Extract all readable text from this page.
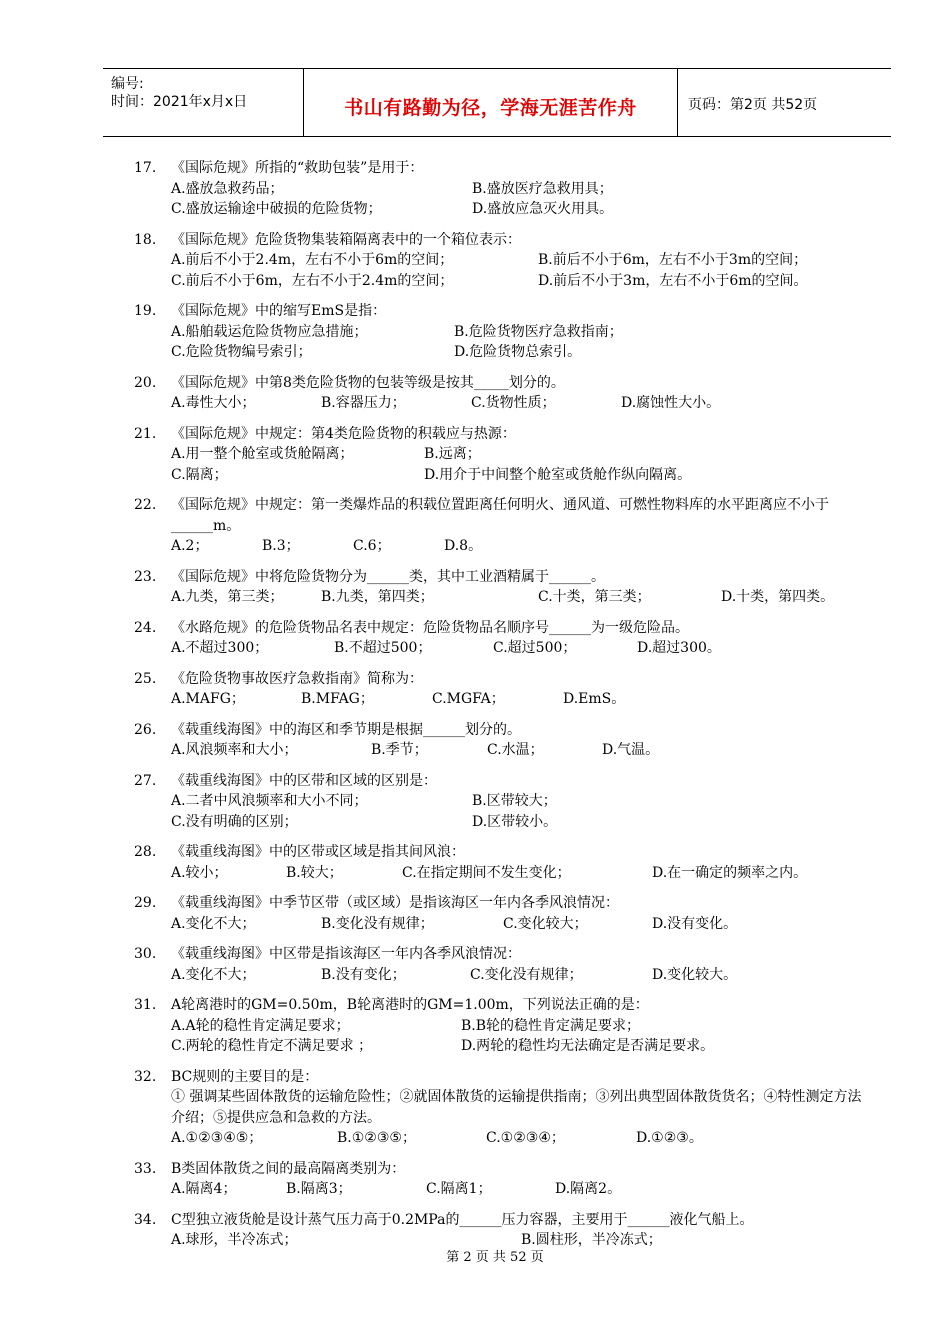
编号:
时间：2021年x月x日	书山有路勤为径，学海无涯苦作舟	页码：第2页 共52页
17.	《国际危规》所指的“救助包装”是用于：
A.盛放急救药品；	B.盛放医疗急救用具；
C.盛放运输途中破损的危险货物；	D.盛放应急灭火用具。
18.	《国际危规》危险货物集装箱隔离表中的一个箱位表示：
A.前后不小于2.4m，左右不小于6m的空间；	B.前后不小于6m，左右不小于3m的空间；
C.前后不小于6m，左右不小于2.4m的空间；	D.前后不小于3m，左右不小于6m的空间。
19.	《国际危规》中的缩写EmS是指：
A.船舶载运危险货物应急措施；	B.危险货物医疗急救指南；
C.危险货物编号索引；	D.危险货物总索引。
20.	《国际危规》中第8类危险货物的包装等级是按其_____划分的。
A.毒性大小；	B.容器压力；	C.货物性质；	D.腐蚀性大小。
21.	《国际危规》中规定：第4类危险货物的积载应与热源：
A.用一整个舱室或货舱隔离；	B.远离；
C.隔离；	D.用介于中间整个舱室或货舱作纵向隔离。
22.	《国际危规》中规定：第一类爆炸品的积载位置距离任何明火、通风道、可燃性物料库的水平距离应不小于______m。
A.2；	B.3；	C.6；	D.8。
23.	《国际危规》中将危险货物分为______类，其中工业酒精属于______。
A.九类，第三类；	B.九类，第四类；	C.十类，第三类；	D.十类，第四类。
24.	《水路危规》的危险货物品名表中规定：危险货物品名顺序号______为一级危险品。
A.不超过300；	B.不超过500；	C.超过500；	D.超过300。
25.	《危险货物事故医疗急救指南》简称为：
A.MAFG；	B.MFAG；	C.MGFA；	D.EmS。
26.	《载重线海图》中的海区和季节期是根据______划分的。
A.风浪频率和大小；	B.季节；	C.水温；	D.气温。
27.	《载重线海图》中的区带和区域的区别是：
A.二者中风浪频率和大小不同；	B.区带较大；
C.没有明确的区别；	D.区带较小。
28.	《载重线海图》中的区带或区域是指其间风浪：
A.较小；	B.较大；	C.在指定期间不发生变化；	D.在一确定的频率之内。
29.	《载重线海图》中季节区带（或区域）是指该海区一年内各季风浪情况：
A.变化不大；	B.变化没有规律；	C.变化较大；	D.没有变化。
30.	《载重线海图》中区带是指该海区一年内各季风浪情况：
A.变化不大；	B.没有变化；	C.变化没有规律；	D.变化较大。
31.	A轮离港时的GM=0.50m，B轮离港时的GM=1.00m，下列说法正确的是：
A.A轮的稳性肯定满足要求；	B.B轮的稳性肯定满足要求；
C.两轮的稳性肯定不满足要求 ；	D.两轮的稳性均无法确定是否满足要求。
32.	BC规则的主要目的是：
① 强调某些固体散货的运输危险性；②就固体散货的运输提供指南；③列出典型固体散货货名；④特性测定方法介绍；⑤提供应急和急救的方法。
A.①②③④⑤；	B.①②③⑤；	C.①②③④；	D.①②③。
33.	B类固体散货之间的最高隔离类别为：
A.隔离4；	B.隔离3；	C.隔离1；	D.隔离2。
34.	C型独立液货舱是设计蒸气压力高于0.2MPa的______压力容器，主要用于______液化气船上。
A.球形，半冷冻式；	B.圆柱形，半冷冻式；
第 2 页 共 52 页
